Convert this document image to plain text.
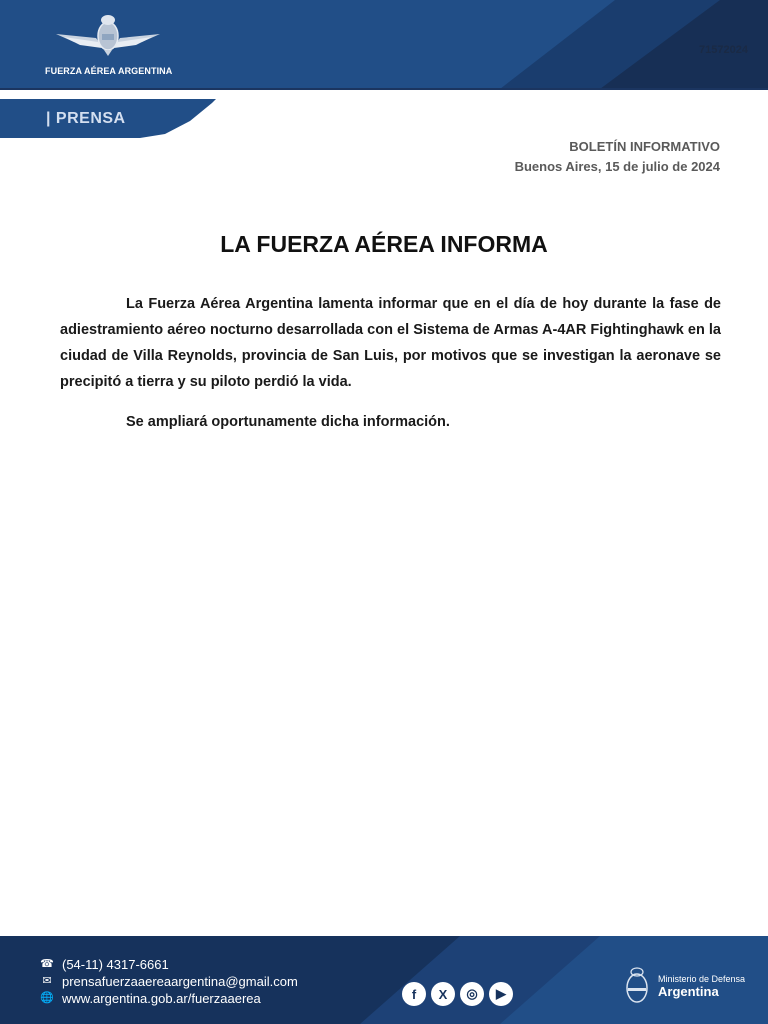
FUERZA AÉREA ARGENTINA
71572024
| PRENSA
BOLETÍN INFORMATIVO
Buenos Aires, 15 de julio de 2024
LA FUERZA AÉREA INFORMA

La Fuerza Aérea Argentina lamenta informar que en el día de hoy durante la fase de adiestramiento aéreo nocturno desarrollada con el Sistema de Armas A-4AR Fightinghawk en la ciudad de Villa Reynolds, provincia de San Luis, por motivos que se investigan la aeronave se precipitó a tierra y su piloto perdió la vida.

Se ampliará oportunamente dicha información.

☎ (54-11) 4317-6661
✉ prensafuerzaaereaargentina@gmail.com
🌐 www.argentina.gob.ar/fuerzaaerea	f	X	◎	▶
Ministerio de Defensa
Argentina
